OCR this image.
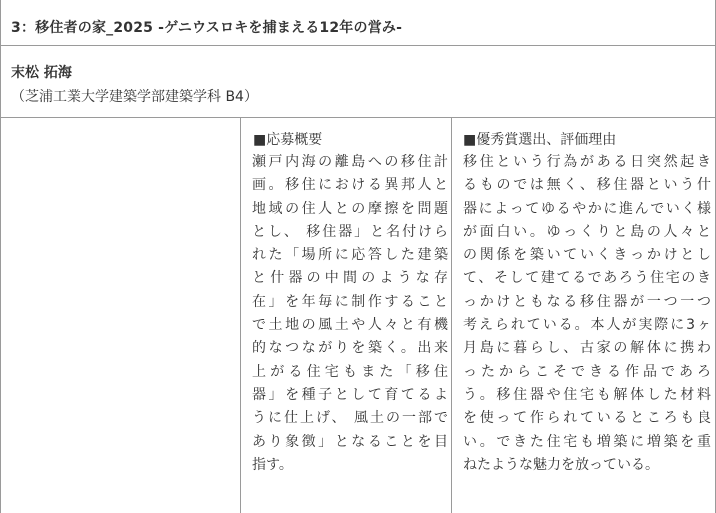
3：移住者の家_2025 -ゲニウスロキを捕まえる12年の営み-
末松 拓海
（芝浦工業大学建築学部建築学科 B4）
■応募概要
瀬戸内海の離島への移住計
画。移住における異邦人と
地域の住人との摩擦を問題
とし、 移住器」と名付けら
れた「場所に応答した建築
と什器の中間のような存
在」を年毎に制作すること
で土地の風土や人々と有機
的なつながりを築く。出来
上がる住宅もまた「移住
器」を種子として育てるよ
うに仕上げ、 風土の一部で
あり象徴」となることを目
指す。
■優秀賞選出、評価理由
移住という行為がある日突然起き
るものでは無く、移住器という什
器によってゆるやかに進んでいく様
が面白い。ゆっくりと島の人々と
の関係を築いていくきっかけとし
て、そして建てるであろう住宅のき
っかけともなる移住器が一つ一つ
考えられている。本人が実際に3ヶ
月島に暮らし、古家の解体に携わ
ったからこそできる作品であろ
う。移住器や住宅も解体した材料
を使って作られているところも良
い。できた住宅も増築に増築を重
ねたような魅力を放っている。
